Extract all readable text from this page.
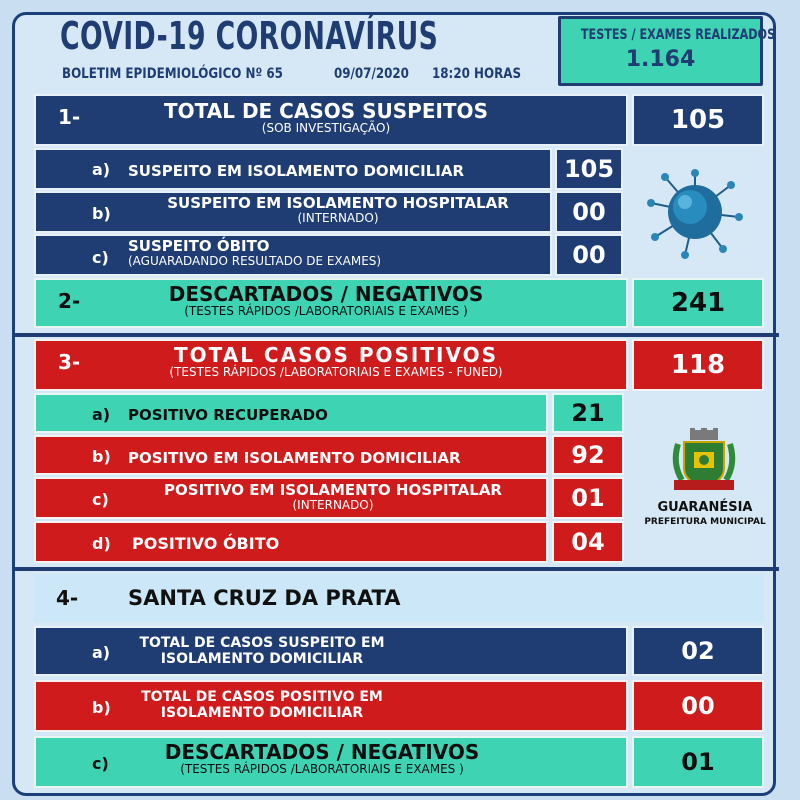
COVID-19 CORONAVÍRUS
BOLETIM EPIDEMIOLÓGICO Nº 65	09/07/2020 18:20 HORAS
TESTES / EXAMES REALIZADOS
1.164
1-	TOTAL DE CASOS SUSPEITOS
(SOB INVESTIGAÇÃO)	105
a) SUSPEITO EM ISOLAMENTO DOMICILIAR	105
b)
SUSPEITO EM ISOLAMENTO HOSPITALAR
(INTERNADO)	00
c)
SUSPEITO ÓBITO
(AGUARADANDO RESULTADO DE EXAMES)	00
2-	DESCARTADOS / NEGATIVOS
(TESTES RÁPIDOS /LABORATORIAIS E EXAMES )	241
3-	TOTAL CASOS POSITIVOS
(TESTES RÁPIDOS /LABORATORIAIS E EXAMES - FUNED)	118
a) POSITIVO RECUPERADO	21
b) POSITIVO EM ISOLAMENTO DOMICILIAR	92
c)	POSITIVO EM ISOLAMENTO HOSPITALAR
(INTERNADO)	01
d) POSITIVO ÓBITO	04
GUARANÉSIA
PREFEITURA MUNICIPAL
4- SANTA CRUZ DA PRATA
a)	TOTAL DE CASOS SUSPEITO EM
ISOLAMENTO DOMICILIAR	02
b)
TOTAL DE CASOS POSITIVO EM
ISOLAMENTO DOMICILIAR	00
c)	DESCARTADOS / NEGATIVOS
(TESTES RÁPIDOS /LABORATORIAIS E EXAMES )	01
